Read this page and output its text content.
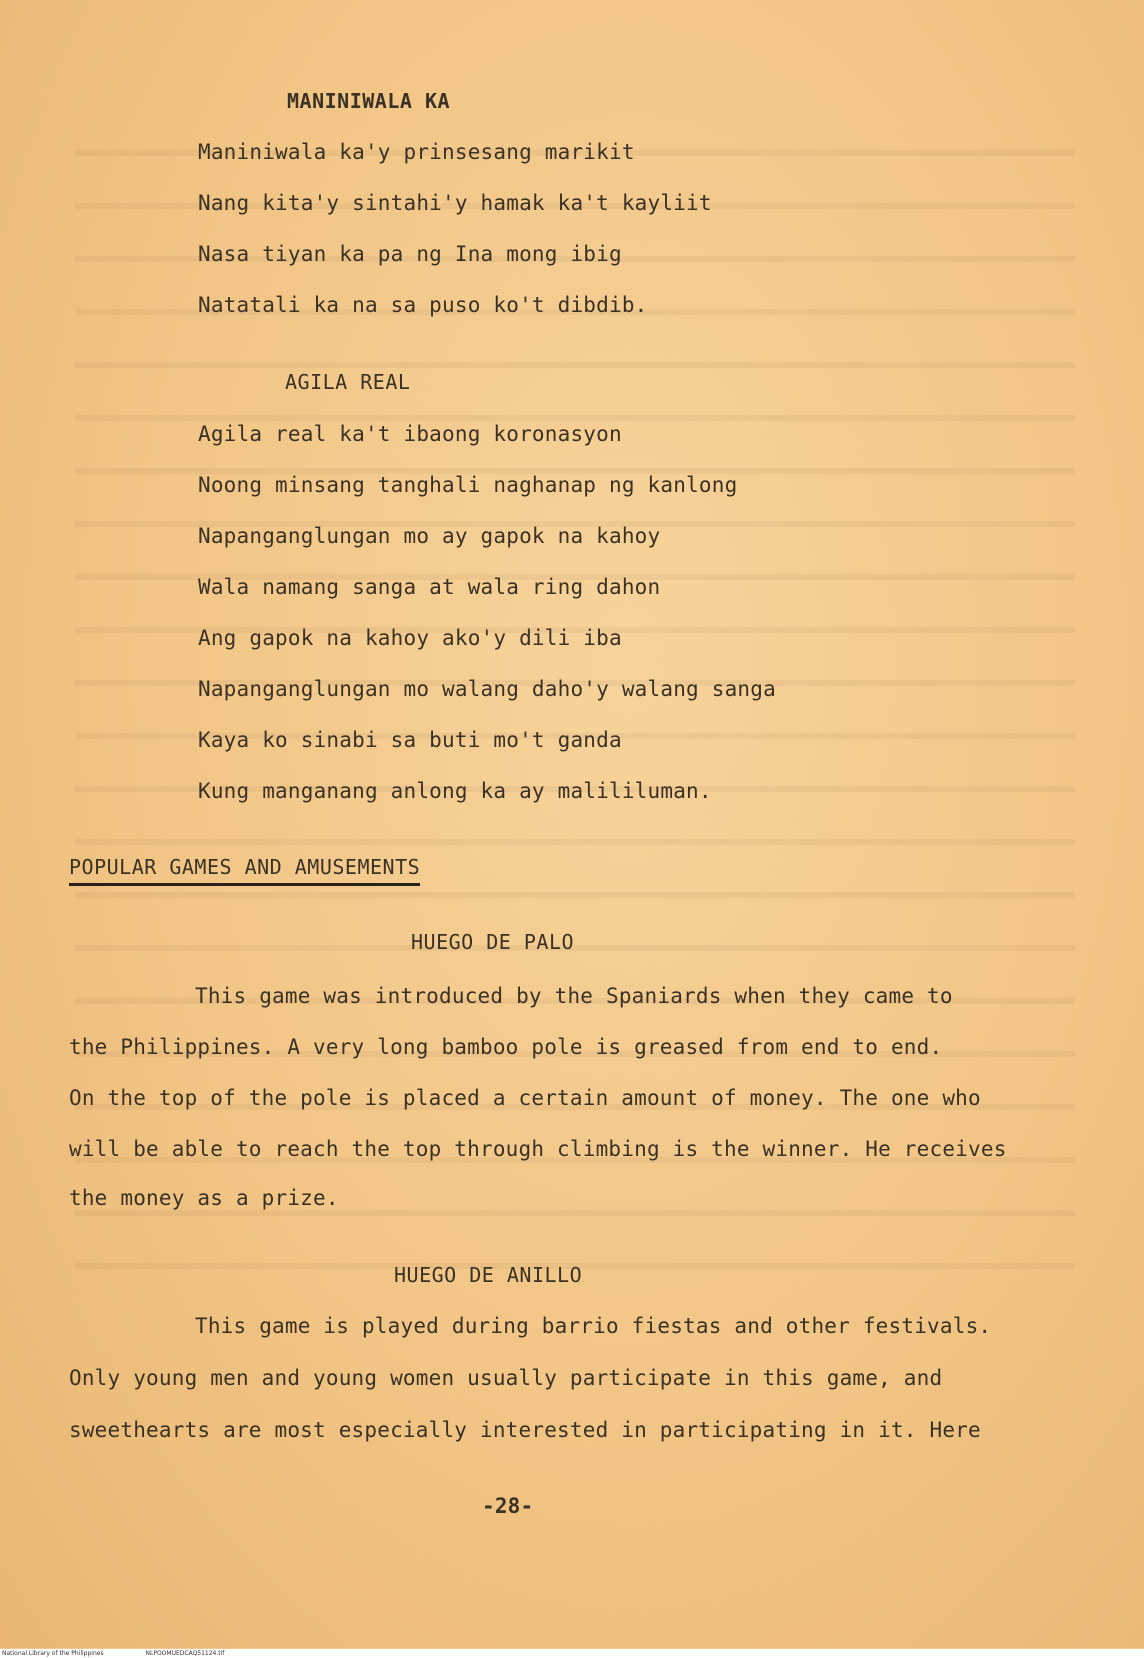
MANINIWALA KA
Maniniwala ka'y prinsesang marikit
Nang kita'y sintahi'y hamak ka't kayliit
Nasa tiyan ka pa ng Ina mong ibig
Natatali ka na sa puso ko't dibdib.
AGILA REAL
Agila real ka't ibaong koronasyon
Noong minsang tanghali naghanap ng kanlong
Napanganglungan mo ay gapok na kahoy
Wala namang sanga at wala ring dahon
Ang gapok na kahoy ako'y dili iba
Napanganglungan mo walang daho'y walang sanga
Kaya ko sinabi sa buti mo't ganda
Kung manganang anlong ka ay malililuman.
POPULAR GAMES AND AMUSEMENTS
HUEGO DE PALO
This game was introduced by the Spaniards when they came to
the Philippines. A very long bamboo pole is greased from end to end.
On the top of the pole is placed a certain amount of money. The one who
will be able to reach the top through climbing is the winner. He receives
the money as a prize.
HUEGO DE ANILLO
This game is played during barrio fiestas and other festivals.
Only young men and young women usually participate in this game, and
sweethearts are most especially interested in participating in it. Here
-28-
National Library of the Philippines	NLPOOMUEDCAQ51124.tif
